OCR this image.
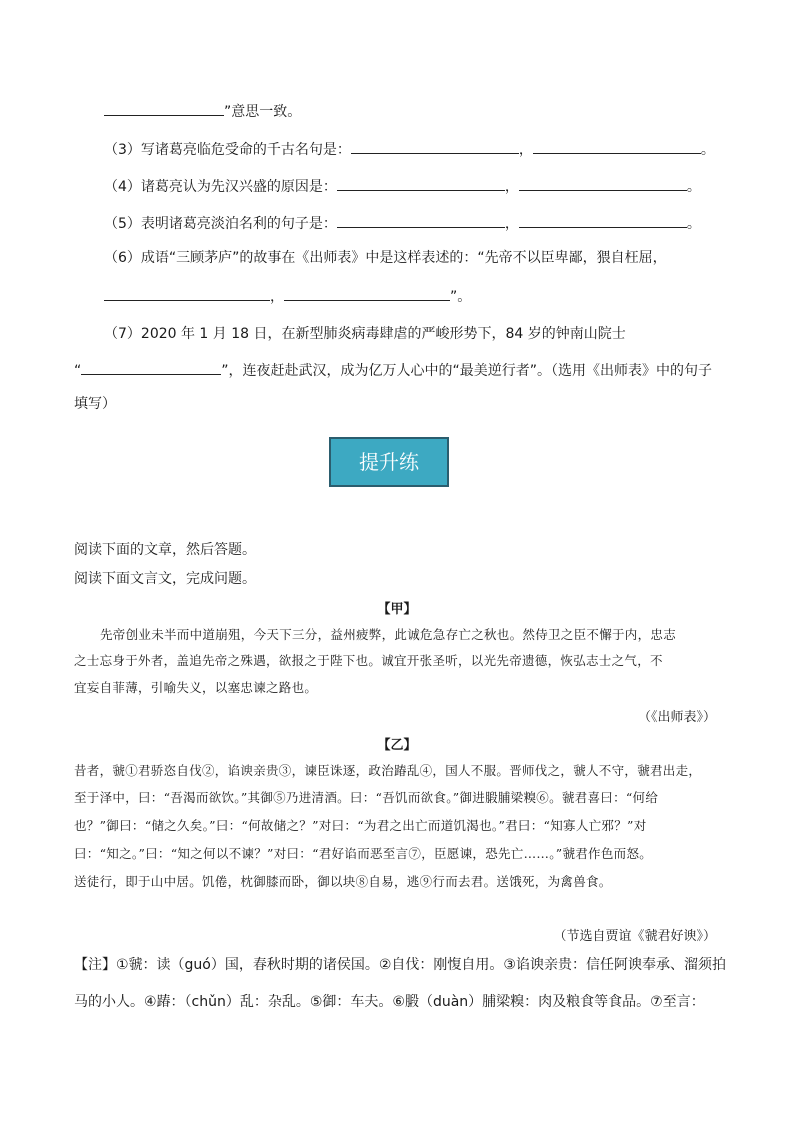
”意思一致。
（3）写诸葛亮临危受命的千古名句是：	，	。
（4）诸葛亮认为先汉兴盛的原因是：	，	。
（5）表明诸葛亮淡泊名利的句子是：	，	。
（6）成语“三顾茅庐”的故事在《出师表》中是这样表述的：“先帝不以臣卑鄙，猥自枉屈，
，	”。
（7）2020 年 1 月 18 日，在新型肺炎病毒肆虐的严峻形势下，84 岁的钟南山院士
“	”，连夜赶赴武汉，成为亿万人心中的“最美逆行者”。（选用《出师表》中的句子
填写）
提升练
阅读下面的文章，然后答题。
阅读下面文言文，完成问题。
【甲】
先帝创业未半而中道崩殂，今天下三分，益州疲弊，此诚危急存亡之秋也。然侍卫之臣不懈于内，忠志
之士忘身于外者，盖追先帝之殊遇，欲报之于陛下也。诚宜开张圣听，以光先帝遗德，恢弘志士之气，不
宜妄自菲薄，引喻失义，以塞忠谏之路也。
（《出师表》）
【乙】
昔者，虢①君骄恣自伐②，谄谀亲贵③，谏臣诛逐，政治踳乱④，国人不服。晋师伐之，虢人不守，虢君出走，
至于泽中，曰：“吾渴而欲饮。”其御⑤乃进清酒。曰：“吾饥而欲食。”御进腶脯梁糗⑥。虢君喜曰：“何给
也？”御曰：“储之久矣。”曰：“何故储之？”对曰：“为君之出亡而道饥渴也。”君曰：“知寡人亡邪？”对
曰：“知之。”曰：“知之何以不谏？”对曰：“君好谄而恶至言⑦，臣愿谏，恐先亡……。”虢君作色而怒。
送徒行，即于山中居。饥倦，枕御膝而卧，御以块⑧自易，逃⑨行而去君。送饿死，为禽兽食。
（节选自贾谊《虢君好谀》）
【注】①虢：读（guó）国，春秋时期的诸侯国。②自伐：刚愎自用。③谄谀亲贵：信任阿谀奉承、溜须拍
马的小人。④踳：（chǔn）乱：杂乱。⑤御：车夫。⑥腶（duàn）脯梁糗：肉及粮食等食品。⑦至言：
